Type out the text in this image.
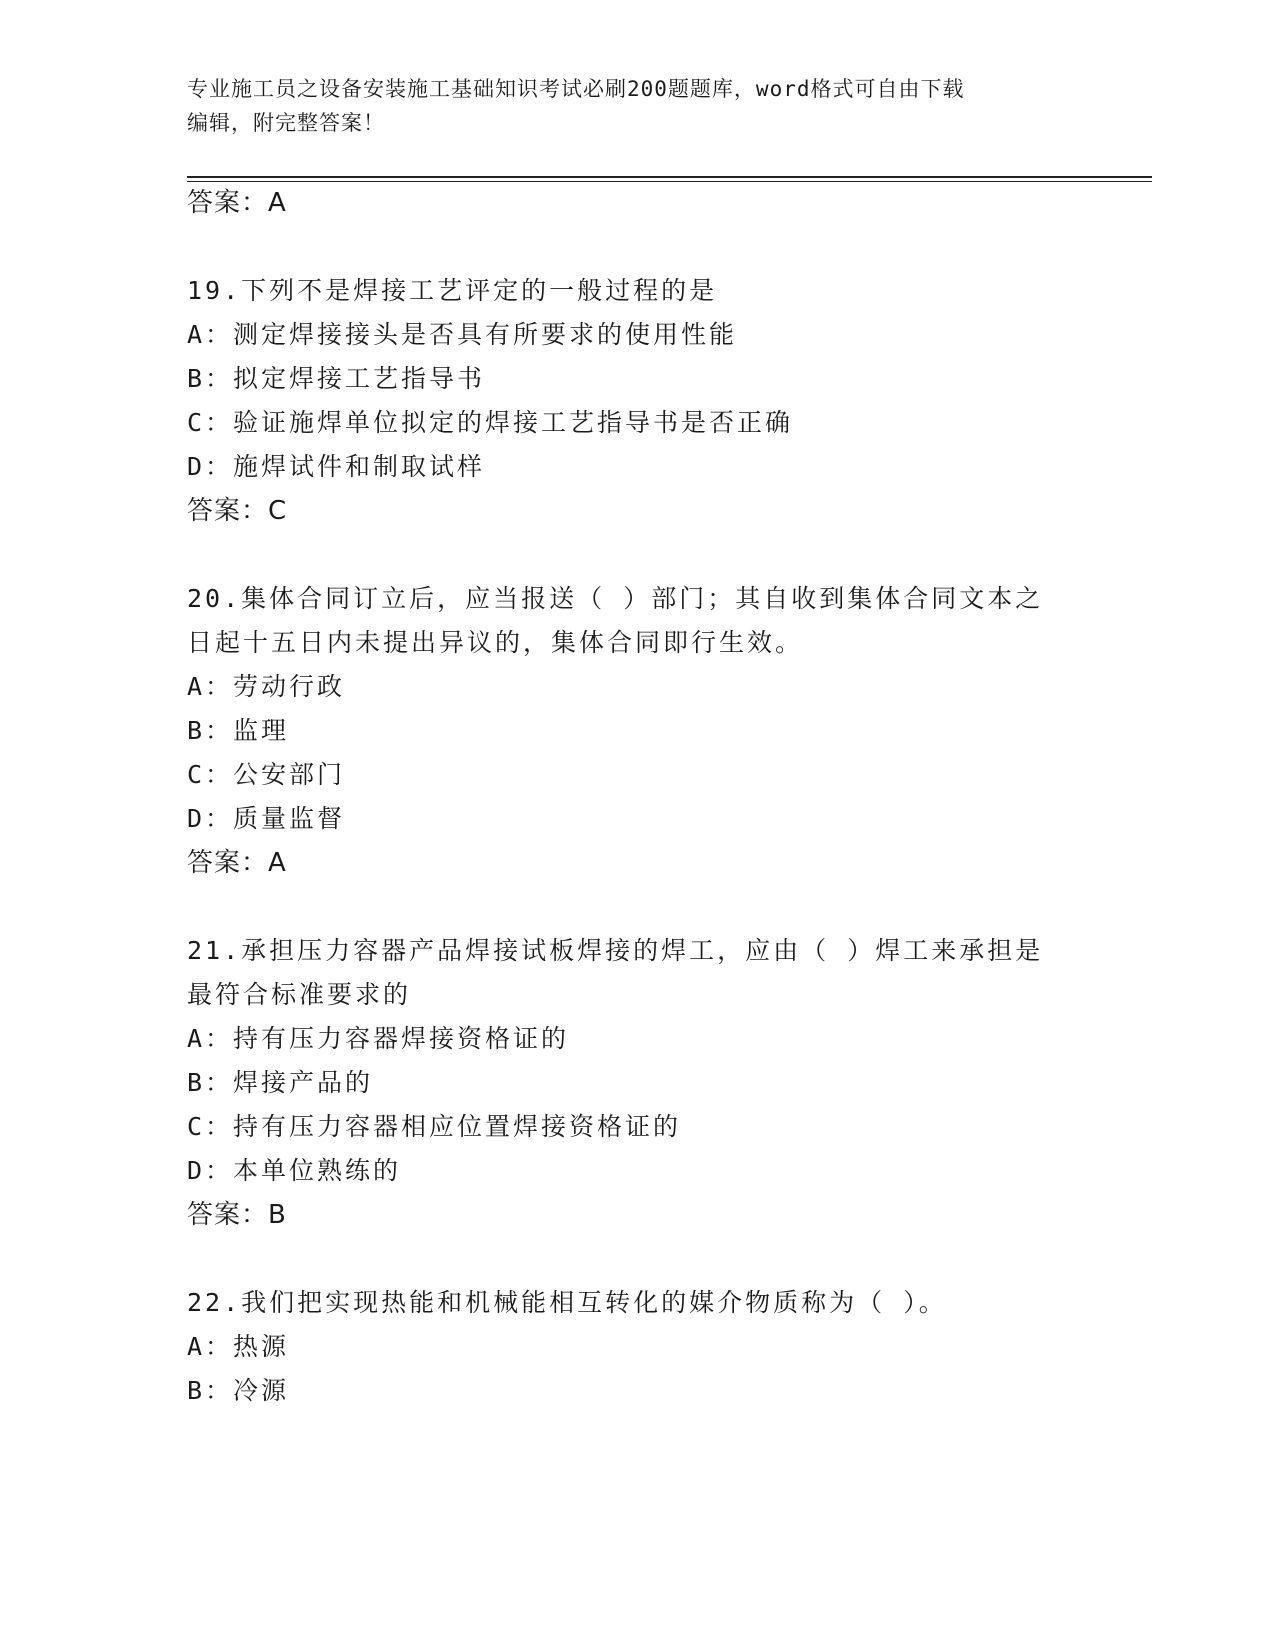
专业施工员之设备安装施工基础知识考试必刷200题题库，word格式可自由下载
编辑，附完整答案！
答案：A
19.下列不是焊接工艺评定的一般过程的是
A：测定焊接接头是否具有所要求的使用性能
B：拟定焊接工艺指导书
C：验证施焊单位拟定的焊接工艺指导书是否正确
D：施焊试件和制取试样
答案：C
20.集体合同订立后，应当报送（ ）部门；其自收到集体合同文本之
日起十五日内未提出异议的，集体合同即行生效。
A：劳动行政
B：监理
C：公安部门
D：质量监督
答案：A
21.承担压力容器产品焊接试板焊接的焊工，应由（ ）焊工来承担是
最符合标准要求的
A：持有压力容器焊接资格证的
B：焊接产品的
C：持有压力容器相应位置焊接资格证的
D：本单位熟练的
答案：B
22.我们把实现热能和机械能相互转化的媒介物质称为（ ）。
A：热源
B：冷源
